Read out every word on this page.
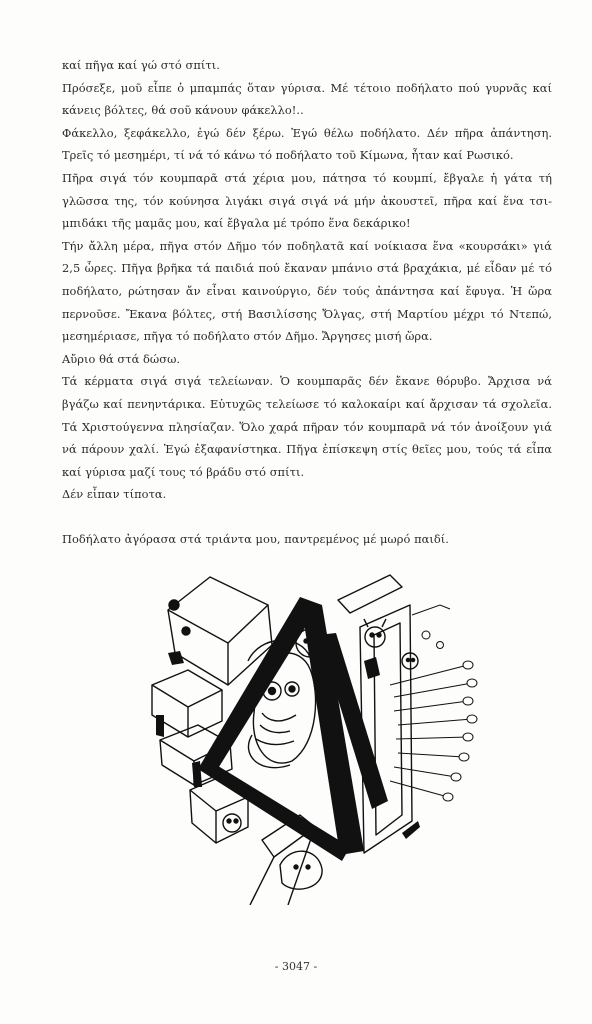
καί πῆγα καί γώ στό σπίτι.
Πρόσεξε, μοῦ εἶπε ὁ μπαμπάς ὅταν γύρισα. Μέ τέτοιο ποδήλατο πού γυρνᾶς καί
κάνεις βόλτες, θά σοῦ κάνουν φάκελλο!..
Φάκελλο, ξεφάκελλο, ἐγώ δέν ξέρω. Ἐγώ θέλω ποδήλατο. Δέν πῆρα ἀπάντηση.
Τρεῖς τό μεσημέρι, τί νά τό κάνω τό ποδήλατο τοῦ Κίμωνα, ἦταν καί Ρωσικό.
Πῆρα σιγά τόν κουμπαρᾶ στά χέρια μου, πάτησα τό κουμπί, ἔβγαλε ἡ γάτα τή
γλῶσσα της, τόν κούνησα λιγάκι σιγά σιγά νά μήν ἀκουστεῖ, πῆρα καί ἕνα τσι-
μπιδάκι τῆς μαμᾶς μου, καί ἔβγαλα μέ τρόπο ἕνα δεκάρικο!
Τήν ἄλλη μέρα, πῆγα στόν Δῆμο τόν ποδηλατᾶ καί νοίκιασα ἕνα «κουρσάκι» γιά
2,5 ὧρες. Πῆγα βρῆκα τά παιδιά πού ἔκαναν μπάνιο στά βραχάκια, μέ εἶδαν μέ τό
ποδήλατο, ρώτησαν ἄν εἶναι καινούργιο, δέν τούς ἀπάντησα καί ἔφυγα. Ἡ ὥρα
περνοῦσε. Ἔκανα βόλτες, στή Βασιλίσσης Ὄλγας, στή Μαρτίου μέχρι τό Ντεπώ,
μεσημέριασε, πῆγα τό ποδήλατο στόν Δῆμο. Ἄργησες μισή ὥρα.
Αὔριο θά στά δώσω.
Τά κέρματα σιγά σιγά τελείωναν. Ὁ κουμπαρᾶς δέν ἔκανε θόρυβο. Ἄρχισα νά
βγάζω καί πενηντάρικα. Εὐτυχῶς τελείωσε τό καλοκαίρι καί ἄρχισαν τά σχολεῖα.
Τά Χριστούγεννα πλησίαζαν. Ὅλο χαρά πῆραν τόν κουμπαρᾶ νά τόν ἀνοίξουν γιά
νά πάρουν χαλί. Ἐγώ ἐξαφανίστηκα. Πῆγα ἐπίσκεψη στίς θεῖες μου, τούς τά εἶπα
καί γύρισα μαζί τους τό βράδυ στό σπίτι.
Δέν εἶπαν τίποτα.
Ποδήλατο ἀγόρασα στά τριάντα μου, παντρεμένος μέ μωρό παιδί.
- 3047 -
